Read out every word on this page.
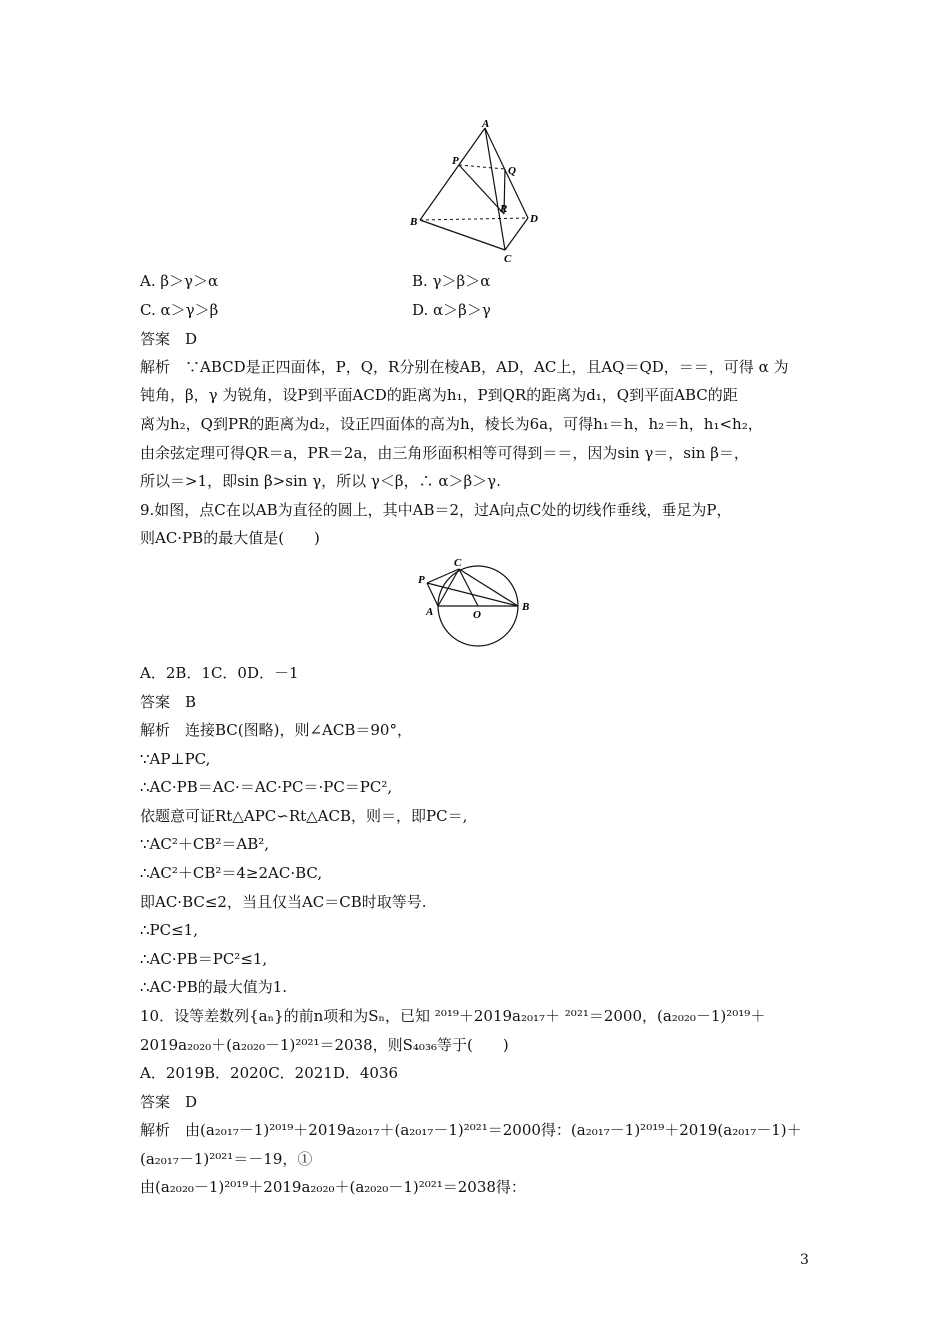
A
P
Q
R
B	D
C
A. β＞γ＞α	B. γ＞β＞α
C. α＞γ＞β	D. α＞β＞γ
答案　D
解析　∵ABCD是正四面体，P，Q，R分别在棱AB，AD，AC上，且AQ＝QD，＝＝，可得 α 为
钝角，β，γ 为锐角，设P到平面ACD的距离为h₁，P到QR的距离为d₁，Q到平面ABC的距
离为h₂，Q到PR的距离为d₂，设正四面体的高为h，棱长为6a，可得h₁＝h，h₂＝h，h₁<h₂，
由余弦定理可得QR＝a，PR＝2a，由三角形面积相等可得到＝＝，因为sin γ＝，sin β＝，
所以＝>1，即sin β>sin γ，所以 γ＜β，∴ α＞β＞γ.
9.如图，点C在以AB为直径的圆上，其中AB＝2，过A向点C处的切线作垂线，垂足为P，
则AC·PB的最大值是(　　)
P
C
A	O
B
A．2B．1C．0D．－1
答案　B
解析　连接BC(图略)，则∠ACB＝90°，
∵AP⊥PC,
∴AC·PB＝AC·＝AC·PC＝·PC＝PC²,
依题意可证Rt△APC∽Rt△ACB，则＝，即PC＝,
∵AC²＋CB²＝AB²,
∴AC²＋CB²＝4≥2AC·BC,
即AC·BC≤2，当且仅当AC＝CB时取等号.
∴PC≤1,
∴AC·PB＝PC²≤1,
∴AC·PB的最大值为1.
10．设等差数列{aₙ}的前n项和为Sₙ，已知 ²⁰¹⁹＋2019a₂₀₁₇＋ ²⁰²¹＝2000，(a₂₀₂₀－1)²⁰¹⁹＋
2019a₂₀₂₀＋(a₂₀₂₀－1)²⁰²¹＝2038，则S₄₀₃₆等于(　　)
A．2019B．2020C．2021D．4036
答案　D
解析　由(a₂₀₁₇－1)²⁰¹⁹＋2019a₂₀₁₇＋(a₂₀₁₇－1)²⁰²¹＝2000得：(a₂₀₁₇－1)²⁰¹⁹＋2019(a₂₀₁₇－1)＋
(a₂₀₁₇－1)²⁰²¹＝－19，①
由(a₂₀₂₀－1)²⁰¹⁹＋2019a₂₀₂₀＋(a₂₀₂₀－1)²⁰²¹＝2038得：
3
